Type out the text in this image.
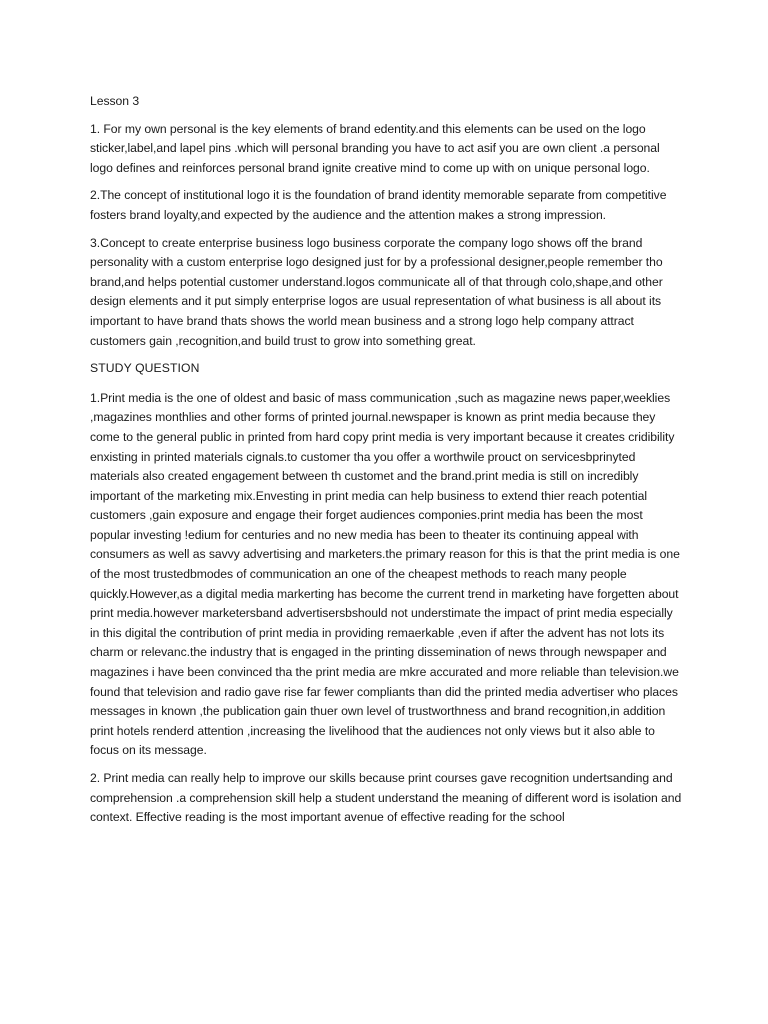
Lesson 3

1. For my own personal is the key elements of brand edentity.and this elements can be used on the logo sticker,label,and lapel pins .which will personal branding you have to act asif you are own client .a personal logo defines and reinforces personal brand ignite creative mind to come up with on unique personal logo.

2.The concept of institutional logo it is the foundation of brand identity memorable separate from competitive fosters brand loyalty,and expected by the audience and the attention makes a strong impression.

3.Concept to create enterprise business logo business corporate the company logo shows off the brand personality with a custom enterprise logo designed just for by a professional designer,people remember tho brand,and helps potential customer understand.logos communicate all of that through colo,shape,and other design elements and it put simply enterprise logos are usual representation of what business is all about its important to have brand thats shows the world mean business and a strong logo help company attract customers gain ,recognition,and build trust to grow into something great.

STUDY QUESTION

1.Print media is the one of oldest and basic of mass communication ,such as magazine news paper,weeklies ,magazines monthlies and other forms of printed journal.newspaper is known as print media because they come to the general public in printed from hard copy print media is very important because it creates cridibility enxisting in printed materials cignals.to customer tha you offer a worthwile prouct on servicesbprinyted materials also created engagement between th customet and the brand.print media is still on incredibly important of the marketing mix.Envesting in print media can help business to extend thier reach potential customers ,gain exposure and engage their forget audiences componies.print media has been the most popular investing !edium for centuries and no new media has been to theater its continuing appeal with consumers as well as savvy advertising and marketers.the primary reason for this is that the print media is one of the most trustedbmodes of communication an one of the cheapest methods to reach many people quickly.However,as a digital media markerting has become the current trend in marketing have forgetten about print media.however marketersband advertisersbshould not understimate the impact of print media especially in this digital the contribution of print media in providing remaerkable ,even if after the advent has not lots its charm or relevanc.the industry that is engaged in the printing dissemination of news through newspaper and magazines i have been convinced tha the print media are mkre accurated and more reliable than television.we found that television and radio gave rise far fewer compliants than did the printed media advertiser who places messages in known ,the publication gain thuer own level of trustworthness and brand recognition,in addition print hotels renderd attention ,increasing the livelihood that the audiences not only views but it also able to focus on its message.

2. Print media can really help to improve our skills because print courses gave recognition undertsanding and comprehension .a comprehension skill help a student understand the meaning of different word is isolation and context. Effective reading is the most important avenue of effective reading for the school
